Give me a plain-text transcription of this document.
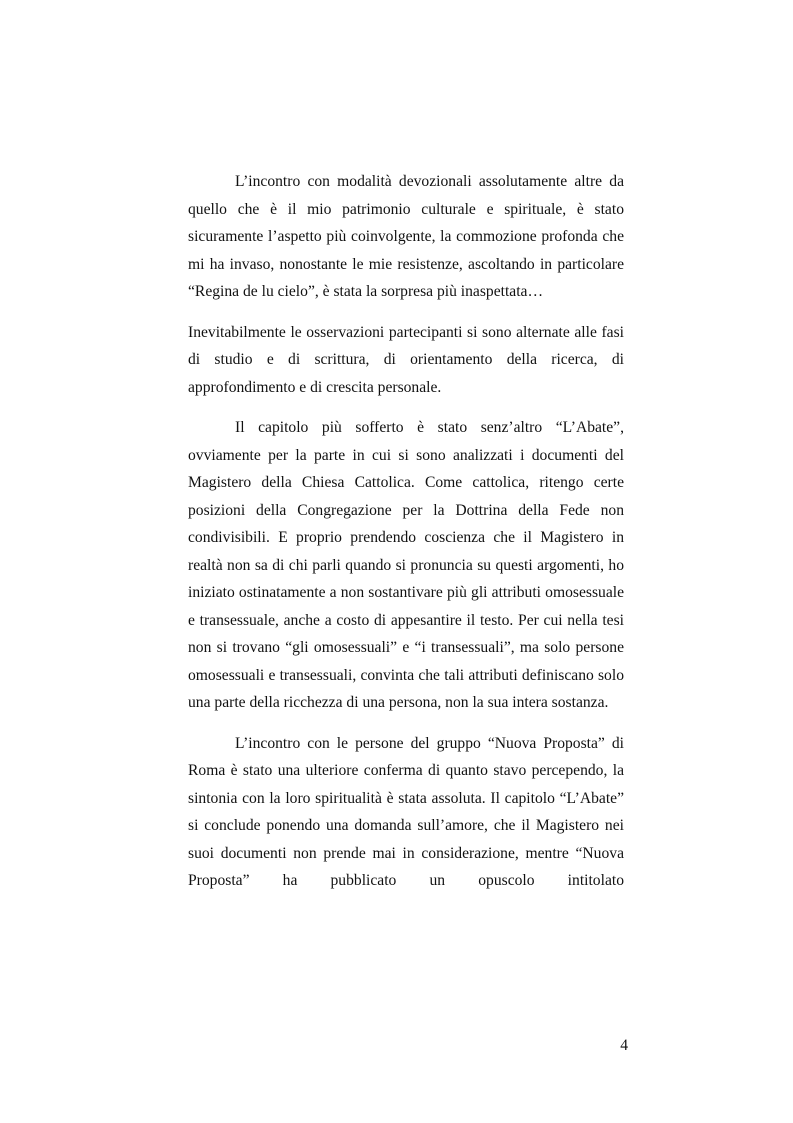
L’incontro con modalità devozionali assolutamente altre da quello che è il mio patrimonio culturale e spirituale, è stato sicuramente l’aspetto più coinvolgente, la commozione profonda che mi ha invaso, nonostante le mie resistenze, ascoltando in particolare “Regina de lu cielo”, è stata la sorpresa più inaspettata…

Inevitabilmente le osservazioni partecipanti si sono alternate alle fasi di studio e di scrittura, di orientamento della ricerca, di approfondimento e di crescita personale.

Il capitolo più sofferto è stato senz’altro “L’Abate”, ovviamente per la parte in cui si sono analizzati i documenti del Magistero della Chiesa Cattolica. Come cattolica, ritengo certe posizioni della Congregazione per la Dottrina della Fede non condivisibili. E proprio prendendo coscienza che il Magistero in realtà non sa di chi parli quando si pronuncia su questi argomenti, ho iniziato ostinatamente a non sostantivare più gli attributi omosessuale e transessuale, anche a costo di appesantire il testo. Per cui nella tesi non si trovano “gli omosessuali” e “i transessuali”, ma solo persone omosessuali e transessuali, convinta che tali attributi definiscano solo una parte della ricchezza di una persona, non la sua intera sostanza.

L’incontro con le persone del gruppo “Nuova Proposta” di Roma è stato una ulteriore conferma di quanto stavo percependo, la sintonia con la loro spiritualità è stata assoluta. Il capitolo “L’Abate” si conclude ponendo una domanda sull’amore, che il Magistero nei suoi documenti non prende mai in considerazione, mentre “Nuova Proposta” ha pubblicato un opuscolo intitolato

4
